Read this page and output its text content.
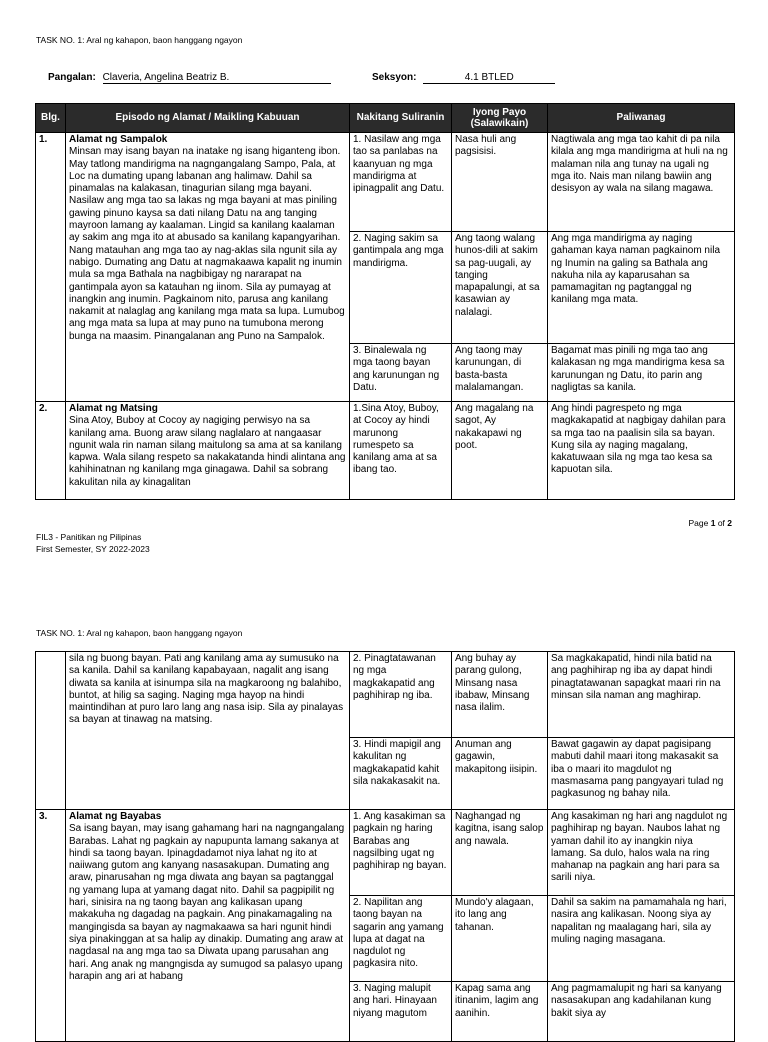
TASK NO. 1: Aral ng kahapon, baon hanggang ngayon
Pangalan: Claveria, Angelina Beatriz B.	Seksyon:	4.1 BTLED
Blg.	Episodo ng Alamat / Maikling Kabuuan	Nakitang Suliranin	Iyong Payo (Salawikain)	Paliwanag
1.	Alamat ng Sampalok
Minsan may isang bayan na inatake ng isang higanteng ibon. May tatlong mandirigma na nagngangalang Sampo, Pala, at Loc na dumating upang labanan ang halimaw. Dahil sa pinamalas na kalakasan, tinagurian silang mga bayani. Nasilaw ang mga tao sa lakas ng mga bayani at mas piniling gawing pinuno kaysa sa dati nilang Datu na ang tanging mayroon lamang ay kaalaman. Lingid sa kanilang kaalaman ay sakim ang mga ito at abusado sa kanilang kapangyarihan. Nang matauhan ang mga tao ay nag-aklas sila ngunit sila ay nabigo. Dumating ang Datu at nagmakaawa kapalit ng inumin mula sa mga Bathala na nagbibigay ng nararapat na gantimpala ayon sa katauhan ng iinom. Sila ay pumayag at inangkin ang inumin. Pagkainom nito, parusa ang kanilang nakamit at nalaglag ang kanilang mga mata sa lupa. Lumubog ang mga mata sa lupa at may puno na tumubona merong bunga na maasim. Pinangalanan ang Puno na Sampalok.	1. Nasilaw ang mga tao sa panlabas na kaanyuan ng mga mandirigma at ipinagpalit ang Datu.	Nasa huli ang pagsisisi.	Nagtiwala ang mga tao kahit di pa nila kilala ang mga mandirigma at huli na ng malaman nila ang tunay na ugali ng mga ito. Nais man nilang bawiin ang desisyon ay wala na silang magawa.
		2. Naging sakim sa gantimpala ang mga mandirigma.	Ang taong walang hunos-dili at sakim sa pag-uugali, ay tanging mapapalungi, at sa kasawian ay nalalagi.	Ang mga mandirigma ay naging gahaman kaya naman pagkainom nila ng Inumin na galing sa Bathala ang nakuha nila ay kaparusahan sa pamamagitan ng pagtanggal ng kanilang mga mata.
		3. Binalewala ng mga taong bayan ang karunungan ng Datu.	Ang taong may karunungan, di basta-basta malalamangan.	Bagamat mas pinili ng mga tao ang kalakasan ng mga mandirigma kesa sa karunungan ng Datu, ito parin ang nagligtas sa kanila.
2.	Alamat ng Matsing
Sina Atoy, Buboy at Cocoy ay nagiging perwisyo na sa kanilang ama. Buong araw silang naglalaro at nangaasar ngunit wala rin naman silang maitulong sa ama at sa kanilang kapwa. Wala silang respeto sa nakakatanda hindi alintana ang kahihinatnan ng kanilang mga ginagawa. Dahil sa sobrang kakulitan nila ay kinagalitan	1.Sina Atoy, Buboy, at Cocoy ay hindi marunong rumespeto sa kanilang ama at sa ibang tao.	Ang magalang na sagot, Ay nakakapawi ng poot.	Ang hindi pagrespeto ng mga magkakapatid at nagbigay dahilan para sa mga tao na paalisin sila sa bayan. Kung sila ay naging magalang, kakatuwaan sila ng mga tao kesa sa kapuotan sila.
Page 1 of 2
FIL3 - Panitikan ng Pilipinas
First Semester, SY 2022-2023
TASK NO. 1: Aral ng kahapon, baon hanggang ngayon
	sila ng buong bayan. Pati ang kanilang ama ay sumusuko na sa kanila. Dahil sa kanilang kapabayaan, nagalit ang isang diwata sa kanila at isinumpa sila na magkaroong ng balahibo, buntot, at hilig sa saging. Naging mga hayop na hindi maintindihan at puro laro lang ang nasa isip. Sila ay pinalayas sa bayan at tinawag na matsing.	2. Pinagtatawanan ng mga magkakapatid ang paghihirap ng iba.	Ang buhay ay parang gulong, Minsang nasa ibabaw, Minsang nasa ilalim.	Sa magkakapatid, hindi nila batid na ang paghihirap ng iba ay dapat hindi pinagtatawanan sapagkat maari rin na minsan sila naman ang maghirap.
		3. Hindi mapigil ang kakulitan ng magkakapatid kahit sila nakakasakit na.	Anuman ang gagawin, makapitong iisipin.	Bawat gagawin ay dapat pagisipang mabuti dahil maari itong makasakit sa iba o maari ito magdulot ng masmasama pang pangyayari tulad ng pagkasunog ng bahay nila.
3.	Alamat ng Bayabas
Sa isang bayan, may isang gahamang hari na nagngangalang Barabas. Lahat ng pagkain ay napupunta lamang sakanya at hindi sa taong bayan. Ipinagdadamot niya lahat ng ito at naiiwang gutom ang kanyang nasasakupan. Dumating ang araw, pinarusahan ng mga diwata ang bayan sa pagtanggal ng yamang lupa at yamang dagat nito. Dahil sa pagpipilit ng hari, sinisira na ng taong bayan ang kalikasan upang makakuha ng dagadag na pagkain. Ang pinakamagaling na mangingisda sa bayan ay nagmakaawa sa hari ngunit hindi siya pinakinggan at sa halip ay dinakip. Dumating ang araw at nagdasal na ang mga tao sa Diwata upang parusahan ang hari. Ang anak ng mangngisda ay sumugod sa palasyo upang harapin ang ari at habang	1. Ang kasakiman sa pagkain ng haring Barabas ang nagsilbing ugat ng paghihirap ng bayan.	Naghangad ng kagitna, isang salop ang nawala.	Ang kasakiman ng hari ang nagdulot ng paghihirap ng bayan. Naubos lahat ng yaman dahil ito ay inangkin niya lamang. Sa dulo, halos wala na ring mahanap na pagkain ang hari para sa sarili niya.
		2. Napilitan ang taong bayan na sagarin ang yamang lupa at dagat na nagdulot ng pagkasira nito.	Mundo'y alagaan, ito lang ang tahanan.	Dahil sa sakim na pamamahala ng hari, nasira ang kalikasan. Noong siya ay napalitan ng maalagang hari, sila ay muling naging masagana.
		3. Naging malupit ang hari. Hinayaan niyang magutom	Kapag sama ang itinanim, lagim ang aanihin.	Ang pagmamalupit ng hari sa kanyang nasasakupan ang kadahilanan kung bakit siya ay
